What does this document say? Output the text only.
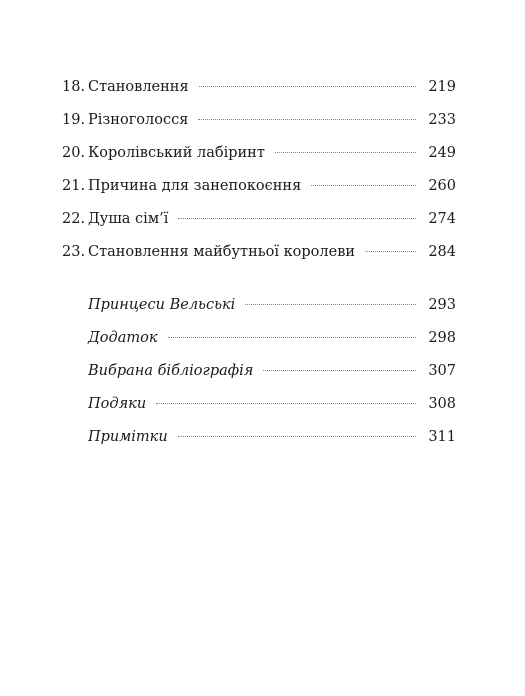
18. Становлення	219
19. Різноголосся	233
20. Королівський лабіринт	249
21. Причина для занепокоєння	260
22. Душа сім’ї	274
23. Становлення майбутньої королеви	284
Принцеси Вельські	293
Додаток	298
Вибрана бібліографія	307
Подяки	308
Примітки	311
